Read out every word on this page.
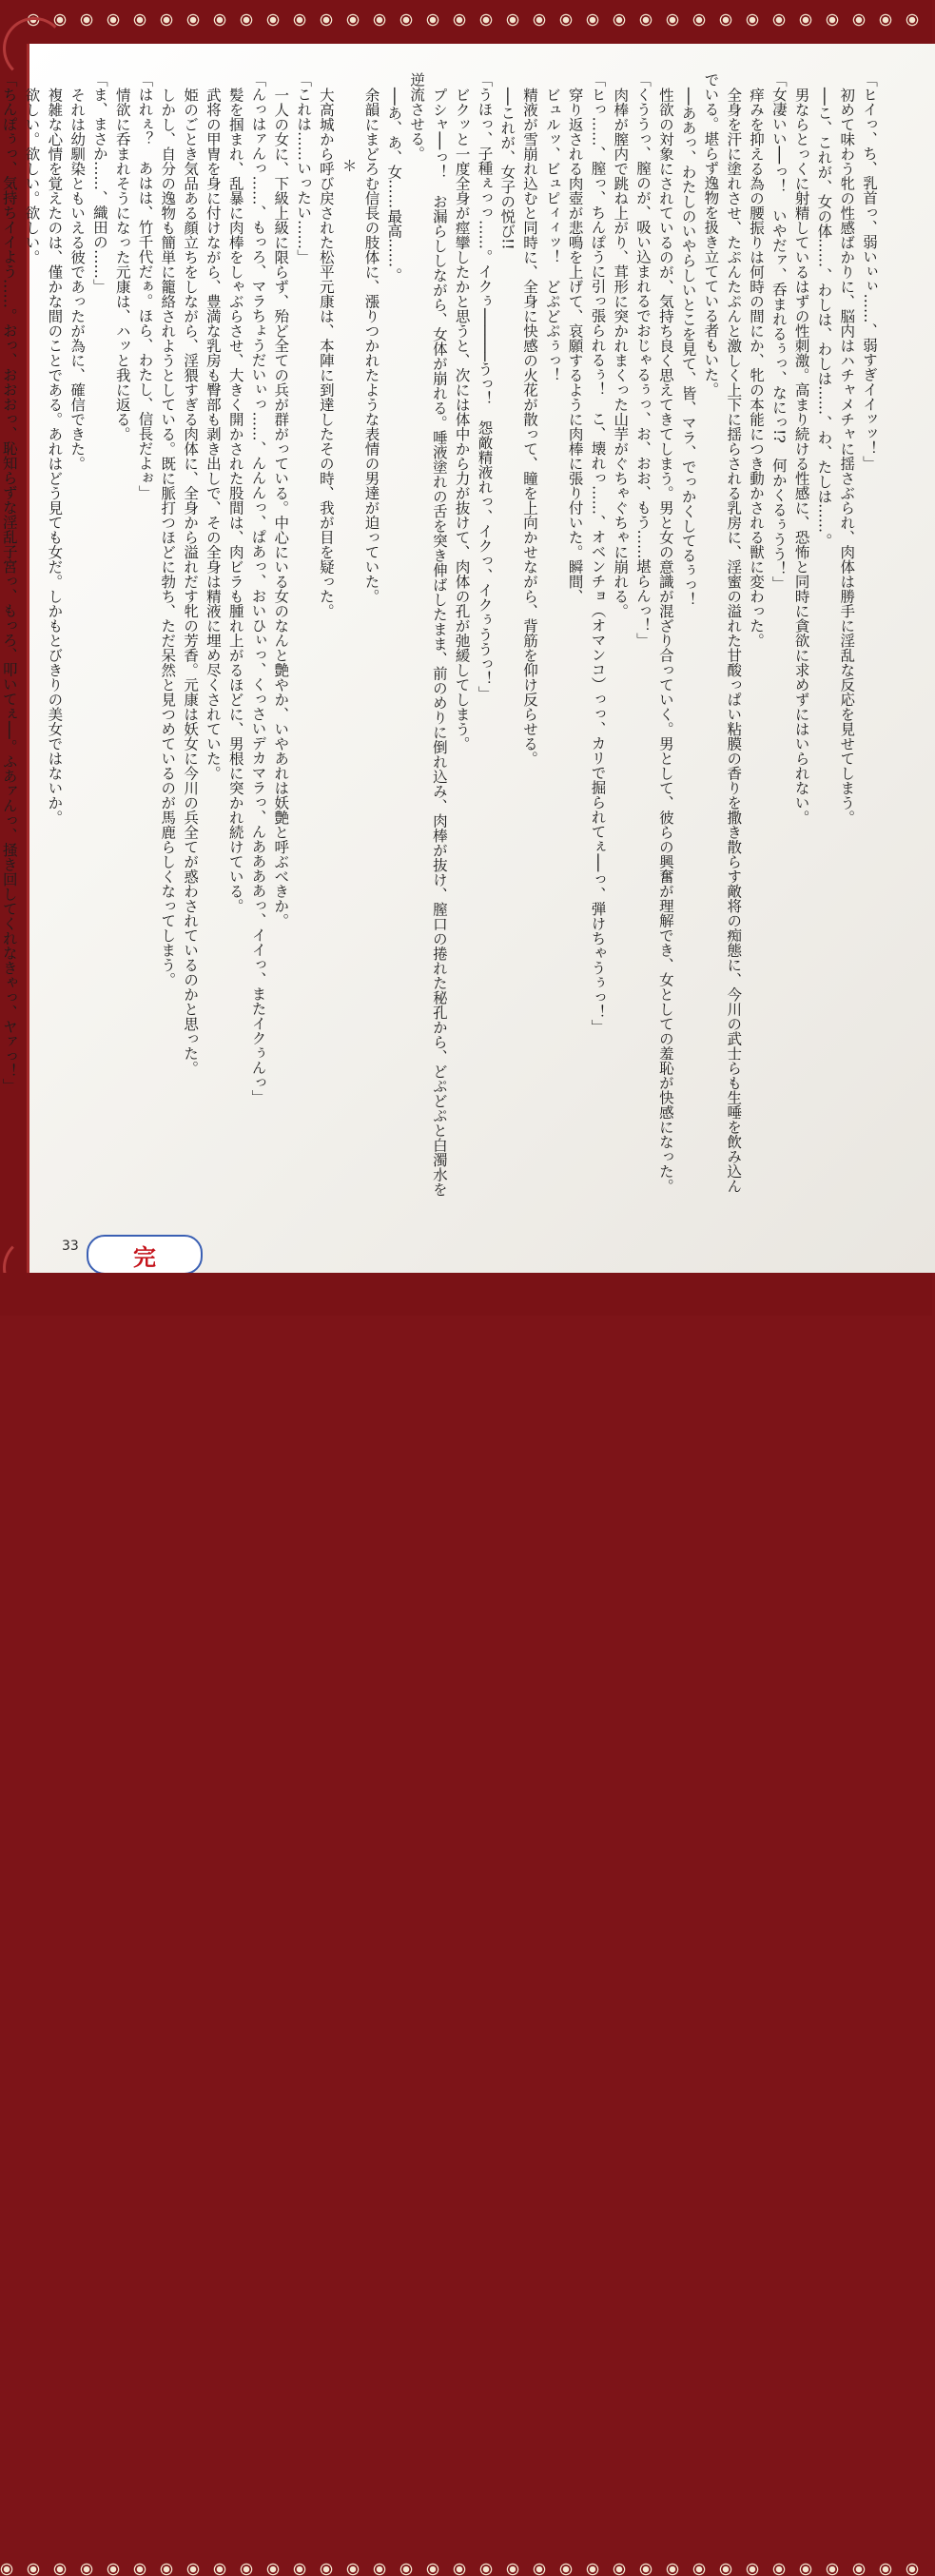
「ヒイっ、ち、乳首っ、弱いぃぃ……、弱すぎイイッッ！」

初めて味わう牝の性感ばかりに、脳内はハチャメチャに揺さぶられ、肉体は勝手に淫乱な反応を見せてしまう。

──こ、これが、女の体……、わしは、わしは……、わ、たしは……。

男ならとっくに射精しているはずの性刺激。高まり続ける性感に、恐怖と同時に貪欲に求めずにはいられない。

「女凄いい──っ！　いやだァ、呑まれるぅっ、なにっ!?　何かくるぅうう！」

痒みを抑える為の腰振りは何時の間にか、牝の本能につき動かされる獣に変わった。

全身を汗に塗れさせ、たぷんたぷんと激しく上下に揺らされる乳房に、淫蜜の溢れた甘酸っぱい粘膜の香りを撒き散らす敵将の痴態に、今川の武士らも生唾を飲み込んでいる。堪らず逸物を扱き立てている者もいた。

──ああっ、わたしのいやらしいとこを見て、皆、マラ、でっかくしてるぅっ！

性欲の対象にされているのが、気持ち良く思えてきてしまう。男と女の意識が混ざり合っていく。男として、彼らの興奮が理解でき、女としての羞恥が快感になった。

「くううっ、膣のが、吸い込まれるでおじゃるぅっ、お、おお、もう……堪らんっ！」

肉棒が膣内で跳ね上がり、茸形に突かれまくった山芋がぐちゃぐちゃに崩れる。

「ヒっ……、膣っ、ちんぽうに引っ張られるぅ！　こ、壊れっ……、オベンチョ（オマンコ）っっ、カリで掘られてぇ──っ、弾けちゃうぅっ！」

穿り返される肉壺が悲鳴を上げて、哀願するように肉棒に張り付いた。瞬間、

ビュルッ、ビュピィィッ！　どぷどぷぅっ！

精液が雪崩れ込むと同時に、全身に快感の火花が散って、瞳を上向かせながら、背筋を仰け反らせる。

──これが、女子の悦び!!

「うほっ、子種ぇっっ……。イクぅ──────うっ！　怨敵精液れっ、イクっ、イクぅううっ！」

ビクッと一度全身が痙攣したかと思うと、次には体中から力が抜けて、肉体の孔が弛緩してしまう。

プシャ──っ！　お漏らししながら、女体が崩れる。唾液塗れの舌を突き伸ばしたまま、前のめりに倒れ込み、肉棒が抜け、膣口の捲れた秘孔から、どぷどぷと白濁水を逆流させる。

──あ、あ、女……最高……。

余韻にまどろむ信長の肢体に、漲りつかれたような表情の男達が迫っていた。

＊

大高城から呼び戻された松平元康は、本陣に到達したその時、我が目を疑った。

「これは……いったい……」

一人の女に、下級上級に限らず、殆ど全ての兵が群がっている。中心にいる女のなんと艶やか、いやあれは妖艶と呼ぶべきか。

「んっはァんっ……、もっろ、マラちょうだいぃっ……、んんんっ、ぱあっ、おいひぃっ、くっさいデカマラっ、んああああっ、イイっ、またイクぅんっ」

髪を掴まれ、乱暴に肉棒をしゃぶらさせ、大きく開かされた股間は、肉ビラも腫れ上がるほどに、男根に突かれ続けている。

武将の甲冑を身に付けながら、豊満な乳房も臀部も剥き出しで、その全身は精液に埋め尽くされていた。

姫のごとき気品ある顔立ちをしながら、淫猥すぎる肉体に、全身から溢れだす牝の芳香。元康は妖女に今川の兵全てが惑わされているのかと思った。

しかし、自分の逸物も簡単に籠絡されようとしている。既に脈打つほどに勃ち、ただ呆然と見つめているのが馬鹿らしくなってしまう。

「はれぇ？　あはは、竹千代だぁ。ほら、わたし、信長だよぉ」

情欲に呑まれそうになった元康は、ハッと我に返る。

「ま、まさか……、織田の……」

それは幼馴染ともいえる彼であったが為に、確信できた。

複雑な心情を覚えたのは、僅かな間のことである。あれはどう見ても女だ。しかもとびきりの美女ではないか。

欲しい。欲しい。欲しい。

「ちんぽぅっ、気持ちイイよう……。おっ、おおおっ、恥知らずな淫乱子宮っ、もっろ、叩いてぇ──。ふあァんっ、掻き回してくれなきゃっ、ヤァっ！」

33	完
